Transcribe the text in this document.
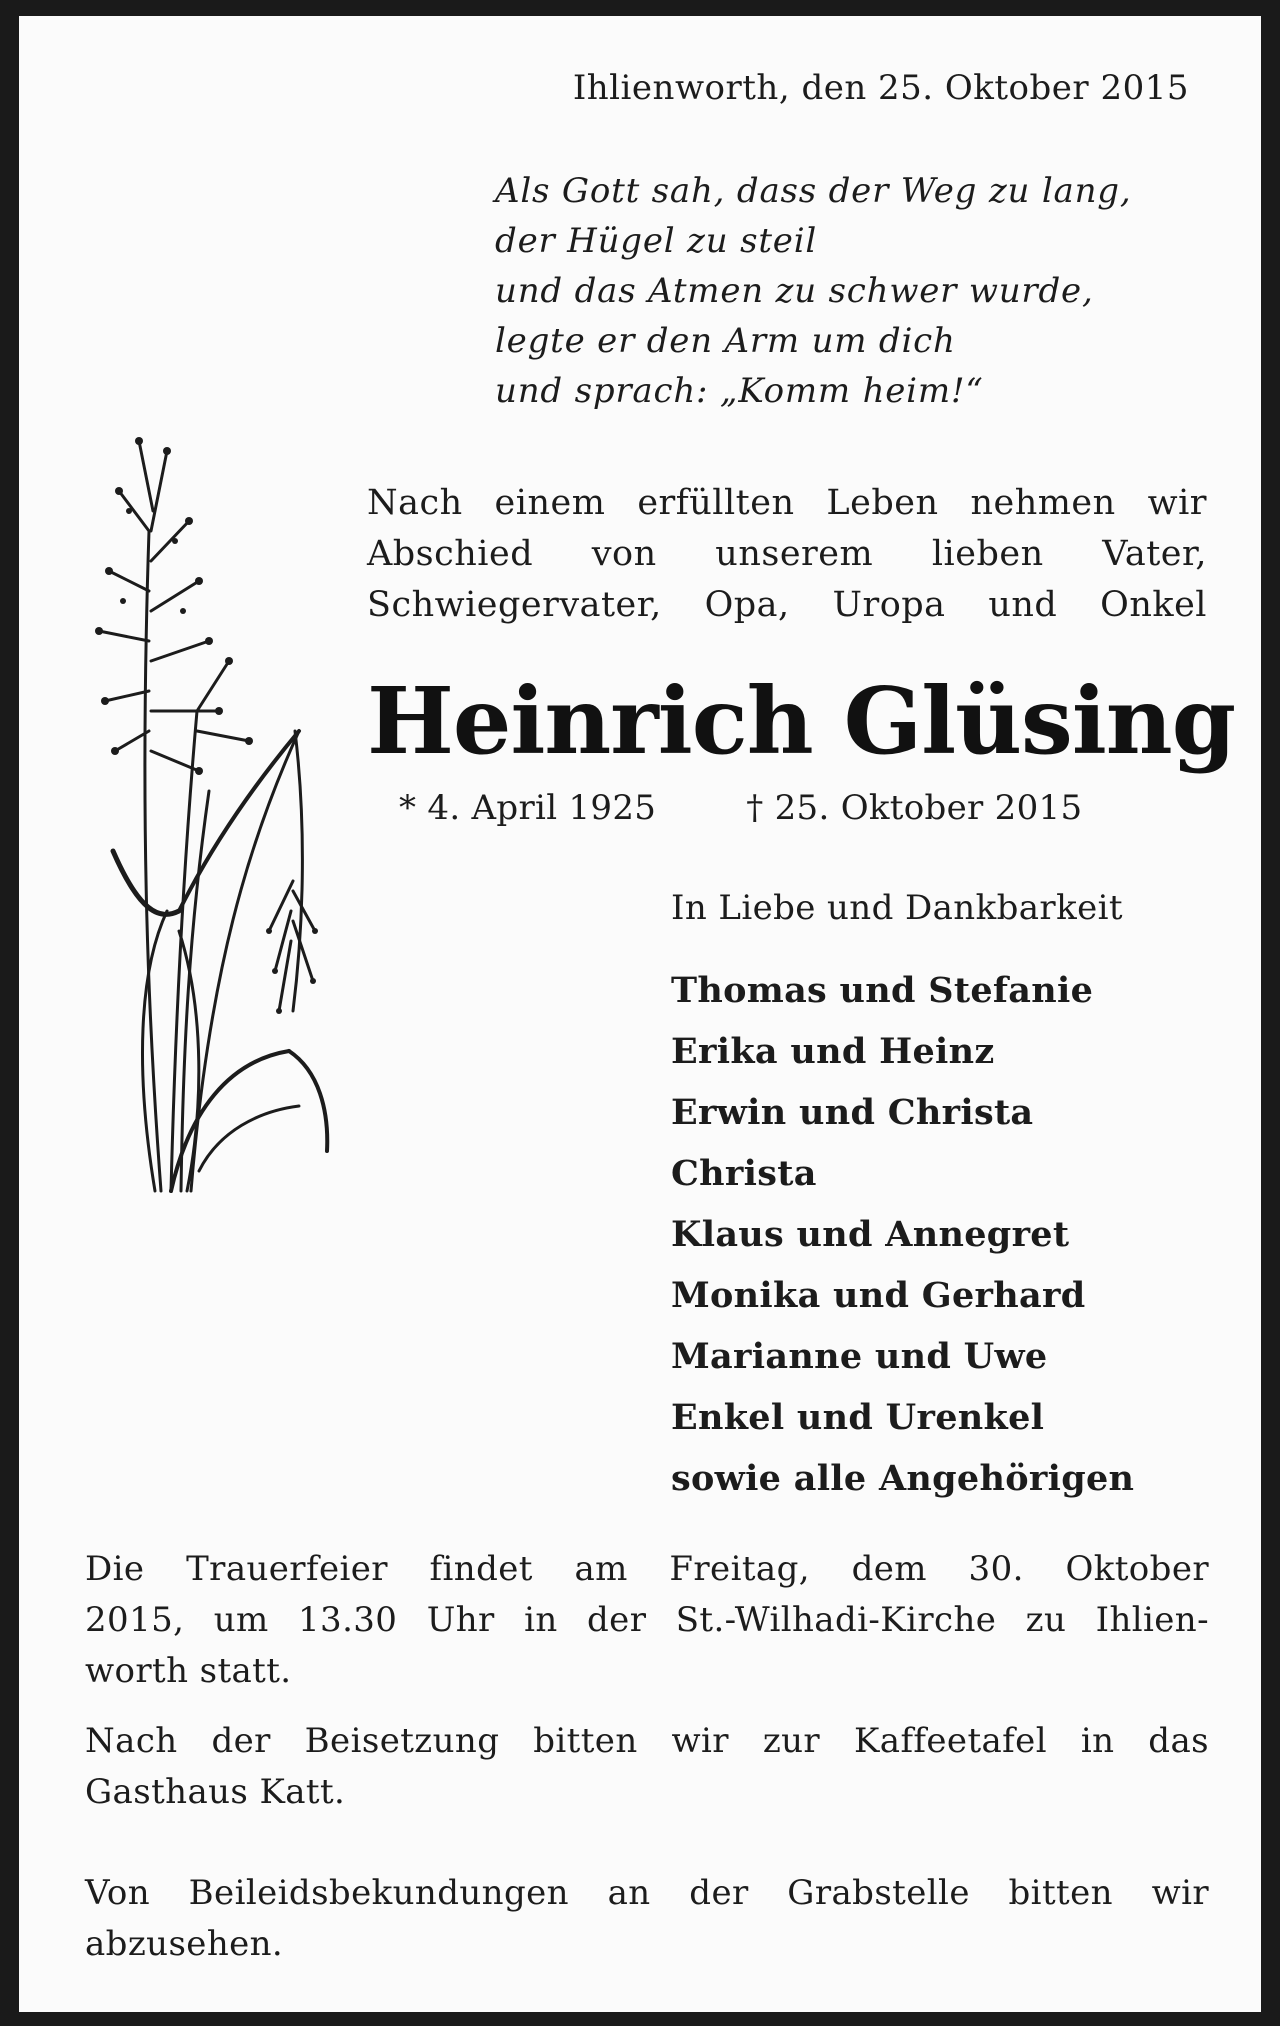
Ihlienworth, den 25. Oktober 2015
Als Gott sah, dass der Weg zu lang,
der Hügel zu steil
und das Atmen zu schwer wurde,
legte er den Arm um dich
und sprach: „Komm heim!“
Nach einem erfüllten Leben nehmen wir
Abschied von unserem lieben Vater,
Schwiegervater, Opa, Uropa und Onkel
Heinrich Glüsing
* 4. April 1925	† 25. Oktober 2015
In Liebe und Dankbarkeit
Thomas und Stefanie
Erika und Heinz
Erwin und Christa
Christa
Klaus und Annegret
Monika und Gerhard
Marianne und Uwe
Enkel und Urenkel
sowie alle Angehörigen
Die Trauerfeier findet am Freitag, dem 30. Oktober
2015, um 13.30 Uhr in der St.-Wilhadi-Kirche zu Ihlien-
worth statt.
Nach der Beisetzung bitten wir zur Kaffeetafel in das
Gasthaus Katt.
Von Beileidsbekundungen an der Grabstelle bitten wir
abzusehen.
